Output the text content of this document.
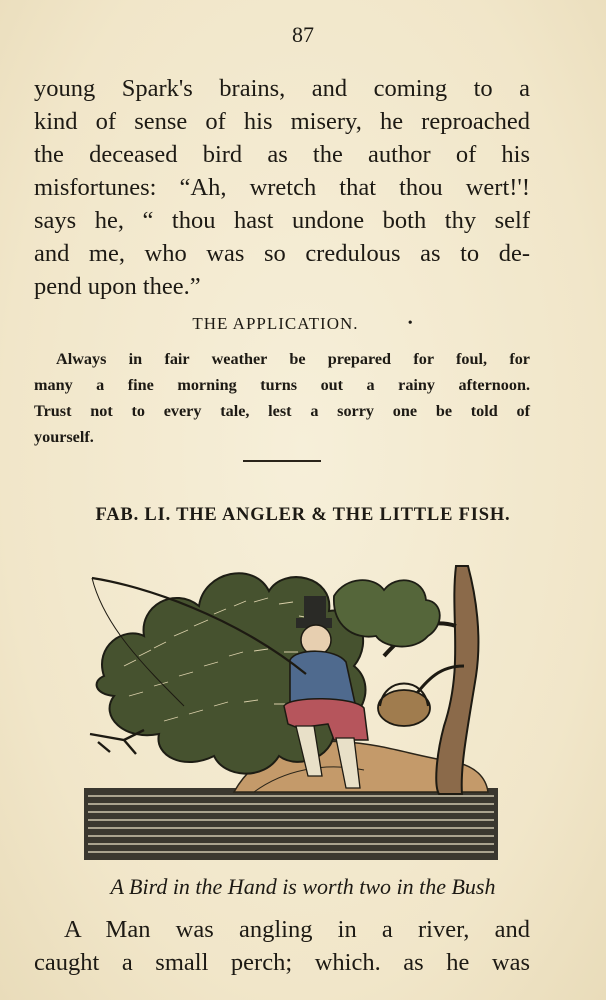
87
young Spark's brains, and coming to a
kind of sense of his misery, he reproached
the deceased bird as the author of his
misfortunes: “Ah, wretch that thou wert!'!
says he, “ thou hast undone both thy self
and me, who was so credulous as to de-
pend upon thee.”
THE APPLICATION.	•
Always in fair weather be prepared for foul, for
many a fine morning turns out a rainy afternoon.
Trust not to every tale, lest a sorry one be told of
yourself.
FAB. LI. THE ANGLER & THE LITTLE FISH.
A Bird in the Hand is worth two in the Bush
A Man was angling in a river, and
caught a small perch; which. as he was
